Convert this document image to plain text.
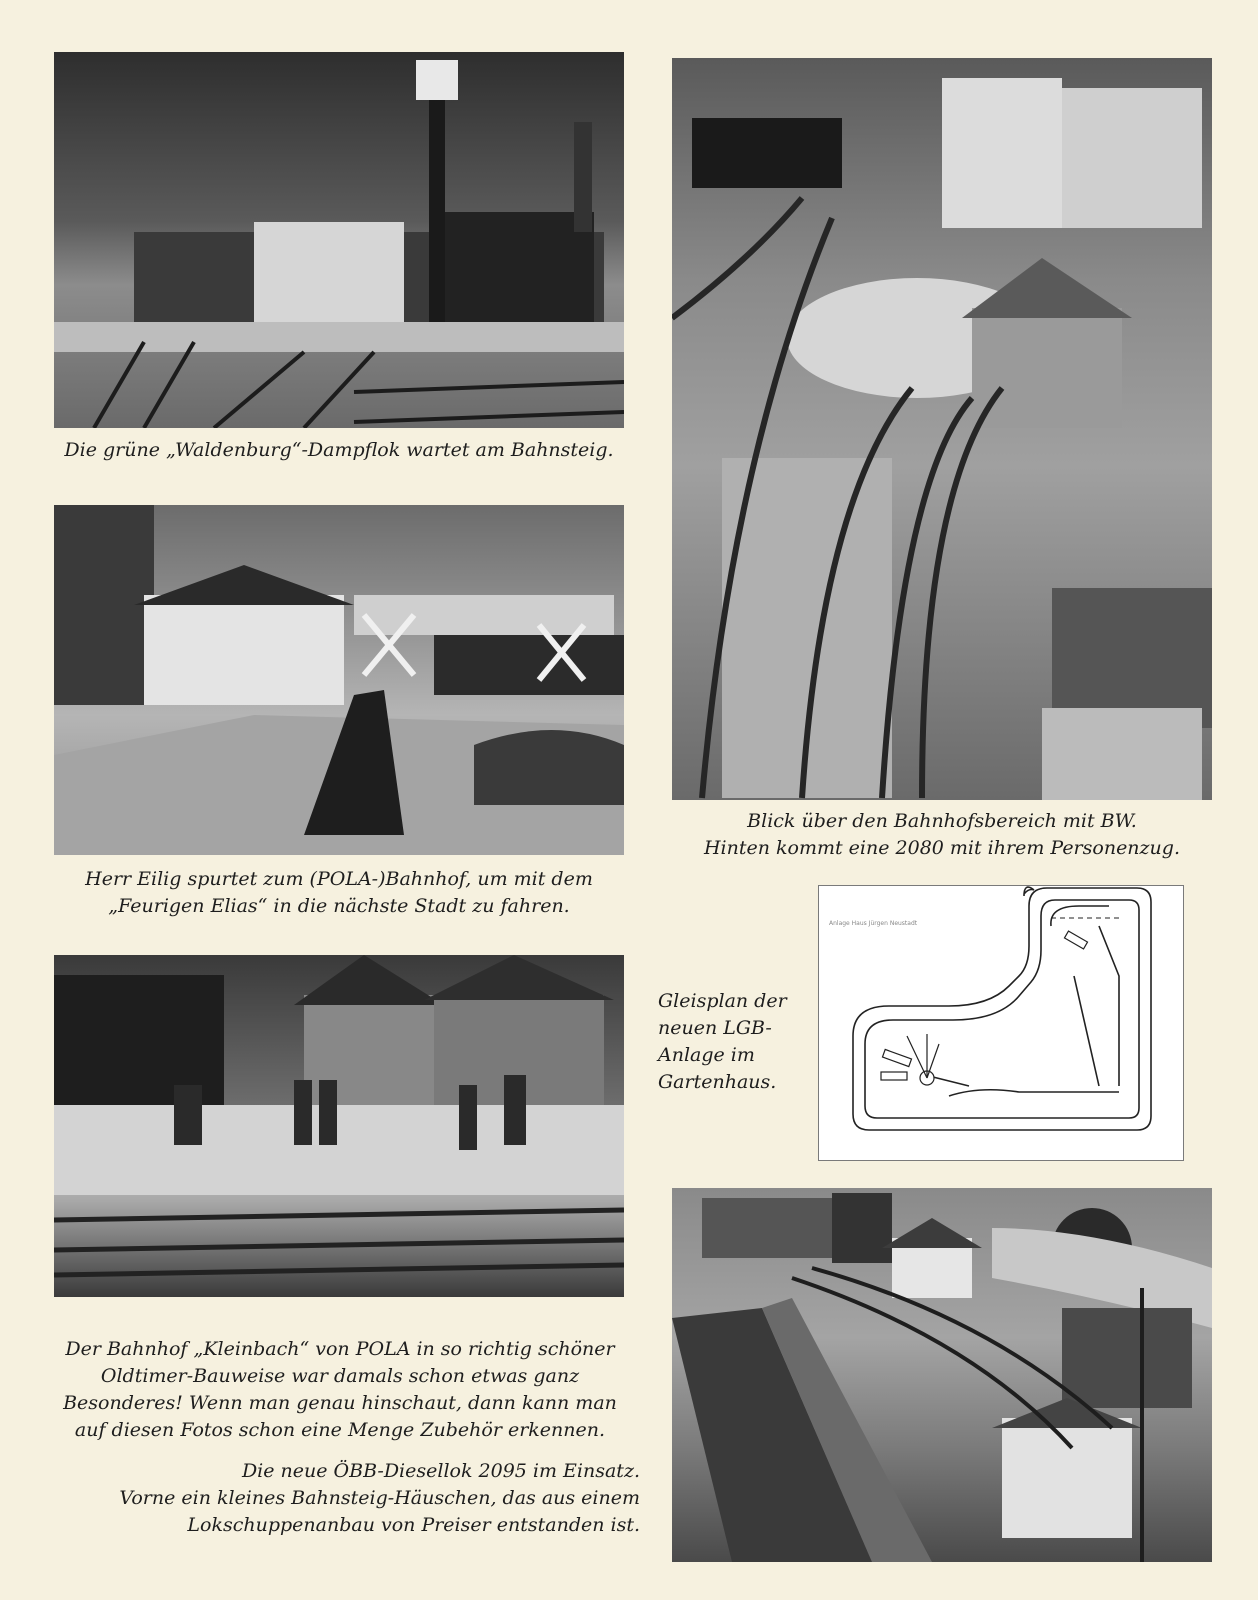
Die grüne „Waldenburg“-Dampflok wartet am Bahnsteig.

Herr Eilig spurtet zum (POLA-)Bahnhof, um mit dem
„Feurigen Elias“ in die nächste Stadt zu fahren.

Der Bahnhof „Kleinbach“ von POLA in so richtig schöner
Oldtimer-Bauweise war damals schon etwas ganz
Besonderes! Wenn man genau hinschaut, dann kann man
auf diesen Fotos schon eine Menge Zubehör erkennen.

Blick über den Bahnhofsbereich mit BW.
Hinten kommt eine 2080 mit ihrem Personenzug.

Gleisplan der
neuen LGB-
Anlage im
Gartenhaus.

Anlage Haus Jürgen Neustadt

Die neue ÖBB-Diesellok 2095 im Einsatz.
Vorne ein kleines Bahnsteig-Häuschen, das aus einem
Lokschuppenanbau von Preiser entstanden ist.
